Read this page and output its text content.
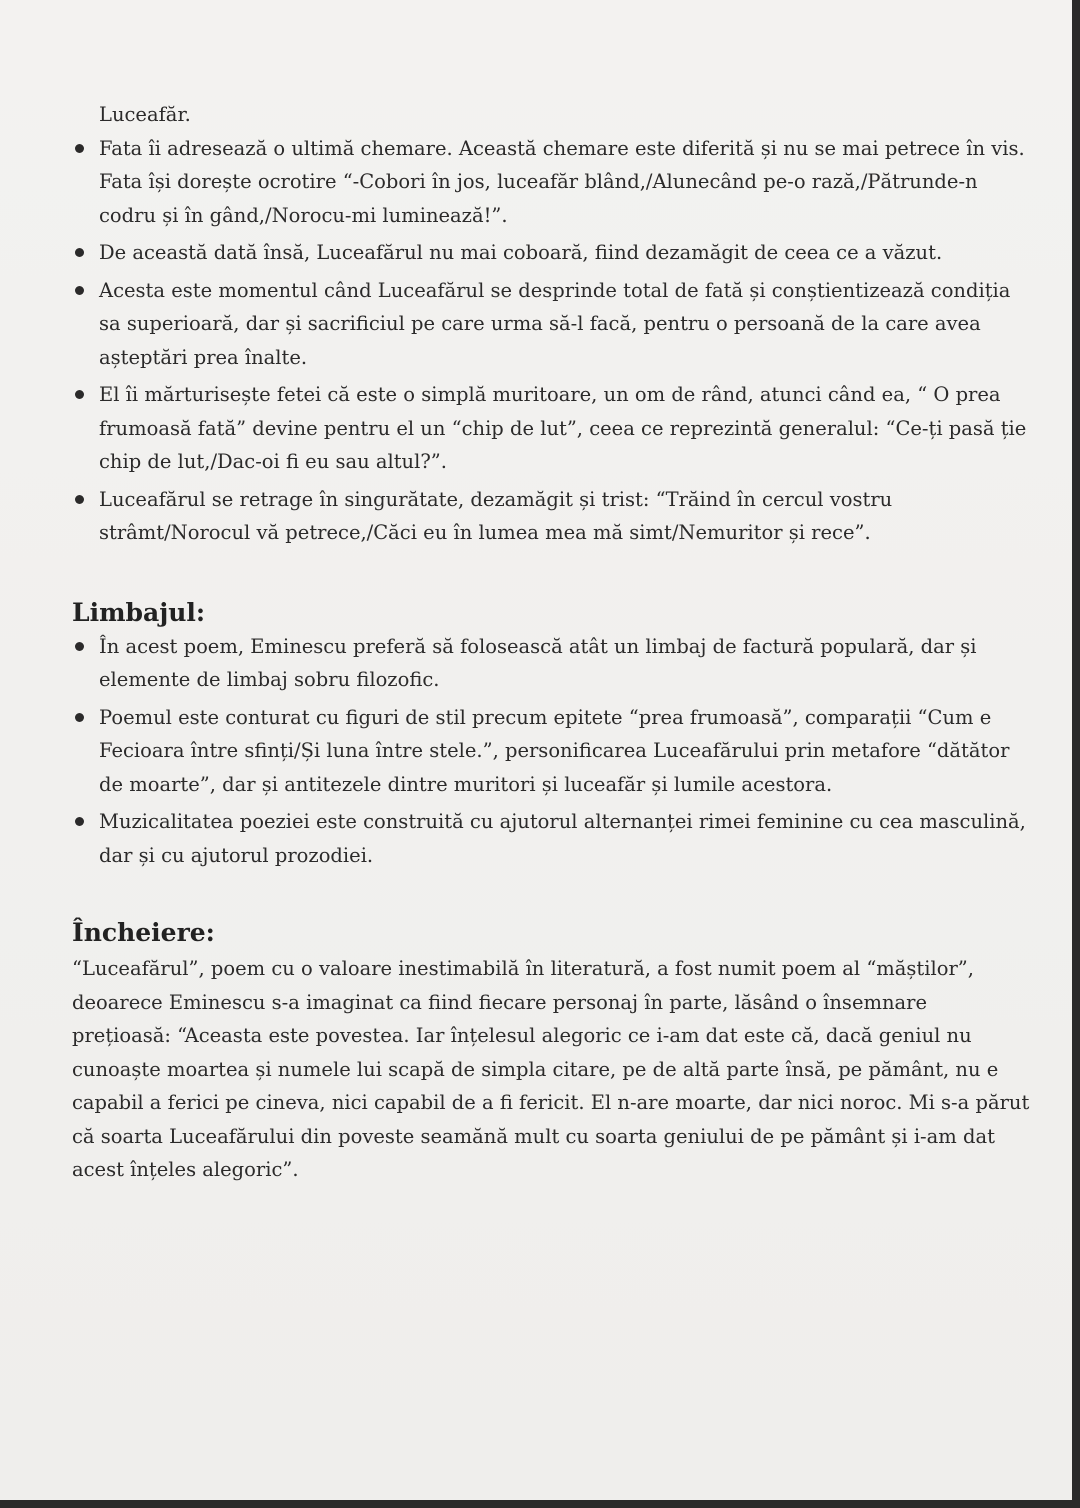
Luceafăr.

Fata îi adresează o ultimă chemare. Această chemare este diferită și nu se mai petrece în vis. Fata își dorește ocrotire “-Cobori în jos, luceafăr blând,/Alunecând pe-o rază,/Pătrunde-n codru și în gând,/Norocu-mi luminează!”.
De această dată însă, Luceafărul nu mai coboară, fiind dezamăgit de ceea ce a văzut.
Acesta este momentul când Luceafărul se desprinde total de fată și conștientizează condiția sa superioară, dar și sacrificiul pe care urma să-l facă, pentru o persoană de la care avea așteptări prea înalte.
El îi mărturisește fetei că este o simplă muritoare, un om de rând, atunci când ea, “ O prea frumoasă fată” devine pentru el un “chip de lut”, ceea ce reprezintă generalul: “Ce-ți pasă ție chip de lut,/Dac-oi fi eu sau altul?”.
Luceafărul se retrage în singurătate, dezamăgit și trist: “Trăind în cercul vostru strâmt/Norocul vă petrece,/Căci eu în lumea mea mă simt/Nemuritor și rece”.
Limbajul:
În acest poem, Eminescu preferă să folosească atât un limbaj de factură populară, dar și elemente de limbaj sobru filozofic.
Poemul este conturat cu figuri de stil precum epitete “prea frumoasă”, comparații “Cum e Fecioara între sfinți/Și luna între stele.”, personificarea Luceafărului prin metafore “dătător de moarte”, dar și antitezele dintre muritori și luceafăr și lumile acestora.
Muzicalitatea poeziei este construită cu ajutorul alternanței rimei feminine cu cea masculină, dar și cu ajutorul prozodiei.
Încheiere:

“Luceafărul”, poem cu o valoare inestimabilă în literatură, a fost numit poem al “măștilor”, deoarece Eminescu s-a imaginat ca fiind fiecare personaj în parte, lăsând o însemnare prețioasă: “Aceasta este povestea. Iar înțelesul alegoric ce i-am dat este că, dacă geniul nu cunoaște moartea și numele lui scapă de simpla citare, pe de altă parte însă, pe pământ, nu e capabil a ferici pe cineva, nici capabil de a fi fericit. El n-are moarte, dar nici noroc. Mi s-a părut că soarta Luceafărului din poveste seamănă mult cu soarta geniului de pe pământ și i-am dat acest înțeles alegoric”.
